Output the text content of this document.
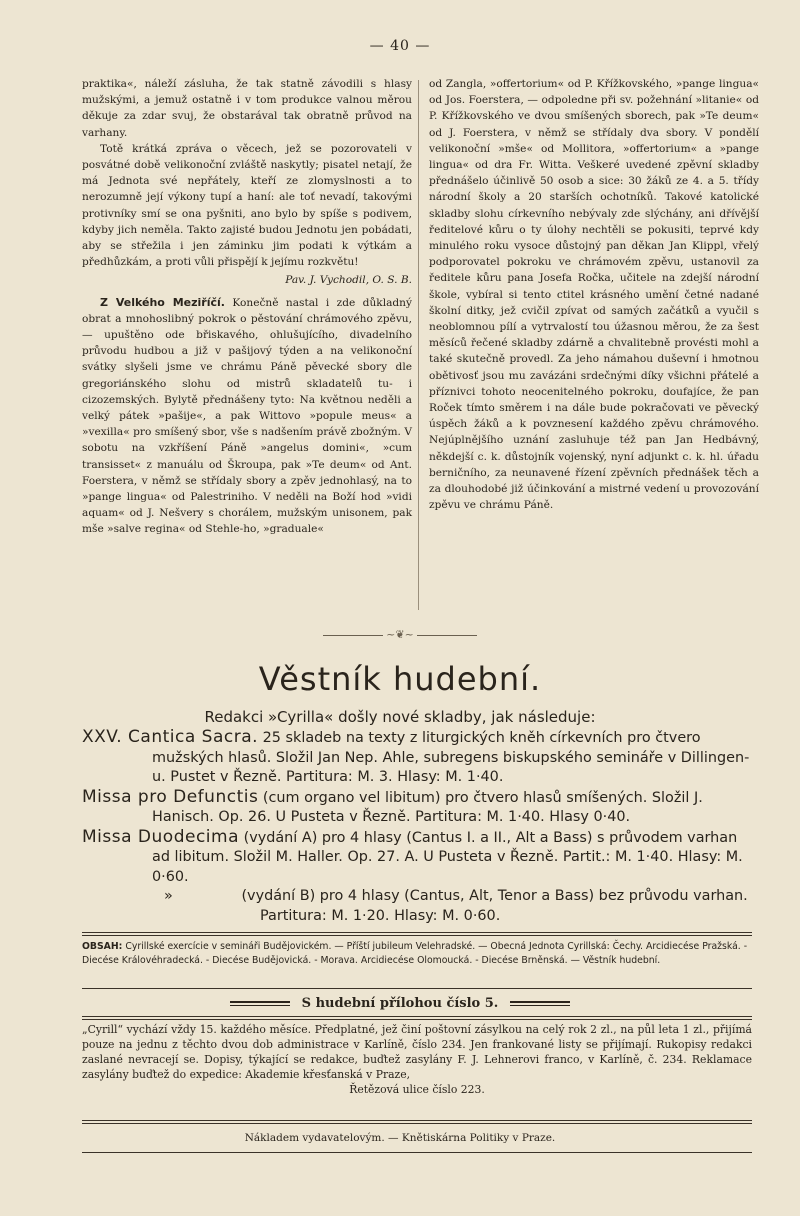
— 40 —

praktika«, náleží zásluha, že tak statně závodili s hlasy mužskými, a jemuž ostatně i v tom produkce valnou měrou děkuje za zdar svuj, že obstarával tak obratně průvod na varhany.

Totě krátká zpráva o věcech, jež se pozorovateli v posvátné době velikonoční zvláště naskytly; pisatel netají, že má Jednota své nepřátely, kteří ze zlomyslnosti a to nerozumně její výkony tupí a haní: ale toť nevadí, takovými protivníky smí se ona pyšniti, ano bylo by spíše s podivem, kdyby jich neměla. Takto zajisté budou Jednotu jen pobádati, aby se střežila i jen záminku jim podati k výtkám a předhůzkám, a proti vůli přispějí k jejímu rozkvětu!

Pav. J. Vychodil, O. S. B.

Z Velkého Meziříčí. Konečně nastal i zde důkladný obrat a mnohoslibný pokrok o pěstování chrámového zpěvu, — upuštěno ode břiskavého, ohlušujícího, divadelního průvodu hudbou a již v pašijový týden a na velikonoční svátky slyšeli jsme ve chrámu Páně pěvecké sbory dle gregoriánského slohu od mistrů skladatelů tu- i cizozemských. Bylytě přednášeny tyto: Na květnou neděli a velký pátek »pašije«, a pak Wittovo »popule meus« a »vexilla« pro smíšený sbor, vše s nadšením právě zbožným. V sobotu na vzkříšení Páně »angelus domini«, »cum transisset« z manuálu od Škroupa, pak »Te deum« od Ant. Foerstera, v němž se střídaly sbory a zpěv jednohlasý, na to »pange lingua« od Palestriniho. V neděli na Boží hod »vidi aquam« od J. Nešvery s chorálem, mužským unisonem, pak mše »salve regina« od Stehle-ho, »graduale«

od Zangla, »offertorium« od P. Křížkovského, »pange lingua« od Jos. Foerstera, — odpoledne při sv. požehnání »litanie« od P. Křížkovského ve dvou smíšených sborech, pak »Te deum« od J. Foerstera, v němž se střídaly dva sbory. V pondělí velikonoční »mše« od Mollitora, »offertorium« a »pange lingua« od dra Fr. Witta. Veškeré uvedené zpěvní skladby přednášelo účinlivě 50 osob a sice: 30 žáků ze 4. a 5. třídy národní školy a 20 starších ochotníků. Takové katolické skladby slohu církevního nebývaly zde slýchány, ani dřívější ředitelové kůru o ty úlohy nechtěli se pokusiti, teprvé kdy minulého roku vysoce důstojný pan děkan Jan Klippl, vřelý podporovatel pokroku ve chrámovém zpěvu, ustanovil za ředitele kůru pana Josefa Ročka, učitele na zdejší národní škole, vybíral si tento ctitel krásného umění četné nadané školní ditky, jež cvičil zpívat od samých začátků a vyučil s neoblomnou pílí a vytrvalostí tou úžasnou měrou, že za šest měsíců řečené skladby zdárně a chvalitebně provésti mohl a také skutečně provedl. Za jeho námahou duševní i hmotnou obětivosť jsou mu zavázáni srdečnými díky všichni přátelé a příznivci tohoto neocenitelného pokroku, doufajíce, že pan Roček tímto směrem i na dále bude pokračovati ve pěvecký úspěch žáků a k povznesení každého zpěvu chrámového. Nejúplnějšího uznání zasluhuje též pan Jan Hedbávný, někdejší c. k. důstojník vojenský, nyní adjunkt c. k. hl. úřadu berničního, za neunavené řízení zpěvních přednášek těch a za dlouhodobé již účinkování a mistrné vedení u provozování zpěvu ve chrámu Páně.

~❦~
Věstník hudební.
Redakci »Cyrilla« došly nové skladby, jak následuje:

XXV. Cantica Sacra. 25 skladeb na texty z liturgických kněh církevních pro čtvero mužských hlasů. Složil Jan Nep. Ahle, subregens biskupského semináře v Dillingen-u. Pustet v Řezně. Partitura: M. 3. Hlasy: M. 1·40.

Missa pro Defunctis (cum organo vel libitum) pro čtvero hlasů smíšených. Složil J. Hanisch. Op. 26. U Pusteta v Řezně. Partitura: M. 1·40. Hlasy 0·40.

Missa Duodecima (vydání A) pro 4 hlasy (Cantus I. a II., Alt a Bass) s průvodem varhan ad libitum. Složil M. Haller. Op. 27. A. U Pusteta v Řezně. Partit.: M. 1·40. Hlasy: M. 0·60.

»	(vydání B) pro 4 hlasy (Cantus, Alt, Tenor a Bass) bez průvodu varhan. Partitura: M. 1·20. Hlasy: M. 0·60.

OBSAH: Cyrillské exercície v semináři Budějovickém. — Příští jubileum Velehradské. — Obecná Jednota Cyrillská: Čechy. Arcidiecése Pražská. - Diecése Královéhradecká. - Diecése Budějovická. - Morava. Arcidiecése Olomoucká. - Diecése Brněnská. — Věstník hudební.
S hudební přílohou číslo 5.
„Cyrill“ vychází vždy 15. každého měsíce. Předplatné, jež činí poštovní zásylkou na celý rok 2 zl., na půl leta 1 zl., přijímá pouze na jednu z těchto dvou dob administrace v Karlíně, číslo 234. Jen frankované listy se přijímají. Rukopisy redakci zaslané nevracejí se. Dopisy, týkající se redakce, buďtež zasylány F. J. Lehnerovi franco, v Karlíně, č. 234. Reklamace zasylány buďtež do expedice: Akademie křesťanská v Praze,
Řetězová ulice číslo 223.
Nákladem vydavatelovým. — Knětiskárna Politiky v Praze.
